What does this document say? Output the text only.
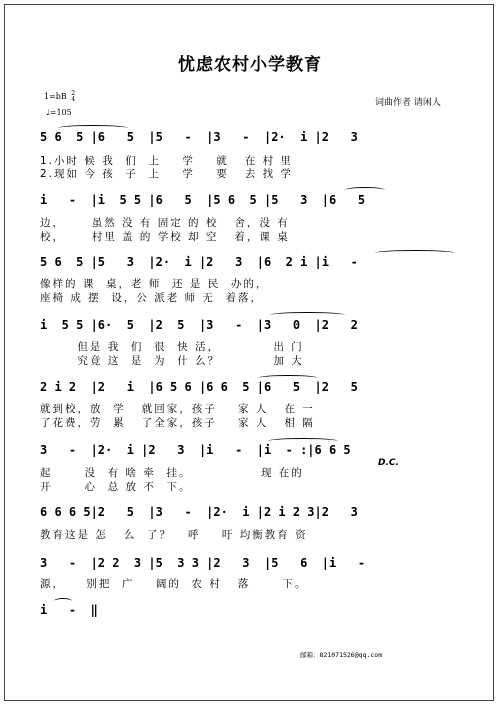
忧虑农村小学教育
1=bB 2
4
♩=105
词曲作者 请闲人
5 6  5 |6   5  |5   -  |3   -  |2·  i |2   3
1.小时 候 我  们  上    学    就   在 村 里
2.现如 今 孩  子  上    学    要   去 找 学
i   -  |i  5 5 |6   5  |5 6  5 |5   3  |6   5
边，     虽然 没 有 固定 的 校   舍，没 有
校，     村里 盖 的 学校 却 空   着，课 桌
5 6  5 |5   3  |2·  i |2   3  |6  2 i |i   -
像样的 课  桌，老 师  还 是 民  办的，
座椅 成 摆  设，公 派老 师 无  着落，
i  5 5 |6·  5  |2  5  |3   -  |3   0  |2   2
但是 我  们  很  快 活，          出 门
究竟 这  是  为  什 么？          加 大
2 i 2  |2   i  |6 5 6 |6 6  5 |6   5  |2   5
就到校，放  学   就回家，孩子    家 人   在 一
了花费，劳  累   了全家，孩子    家 人   相 隔
3   -  |2·  i |2   3  |i   -  |i  - :|6 6 5
D.C.
起      没  有 啥 牵  挂。             现 在的
开      心  总 放 不  下。
6 6 6 5|2   5  |3   -  |2·  i |2 i 2 3|2   3
教育这是 怎   么  了？   呼    吁 均衡教育 资
3   -  |2 2  3 |5  3 3 |2   3  |5   6  |i   -
源，    别把  广    阔的  农 村   落      下。
i   -  ‖
邮箱：821071526@qq.com
